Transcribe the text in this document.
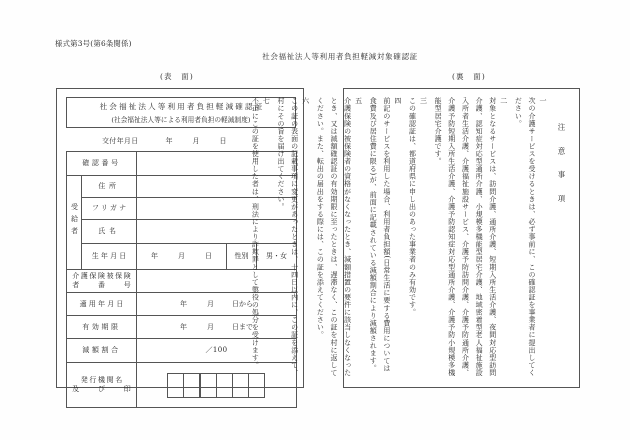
様式第3号(第6条関係)
社会福祉法人等利用者負担軽減対象確認証
(表　面)	(裏　面)
社会福祉法人等利用者負担軽減確認証
(社会福祉法人等による利用者負担の軽減制度)
交付年月日	年	月	日
確認番号				
受給者	住所			
	フリガナ			
	氏名			
	生年月日	年 月 日	性別	男・女

介護保険被保険
者　　番　　号				

適用年月日		年 月 日から		

有効期限		年 月 日まで		

減額割合		／100		

発行機関名
及　　び　　印				

注　意　事　項
一
次の介護サービスを受けるときは、必ず事前に、この確認証を事業者に提出してください。
二
対象となるサービスは、訪問介護、通所介護、短期入所生活介護、夜間対応型訪問介護、認知症対応型通所介護、小規模多機能型居宅介護、地域密着型老人福祉施設入所者生活介護、介護福祉施設サービス、介護予防訪問介護、介護予防通所介護、介護予防短期入所生活介護、介護予防認知症対応型通所介護、介護予防小規模多機能型居宅介護です。
三
この確認証は、都道府県に申し出のあった事業者のみ有効です。
四
前記のサービスを利用した場合、利用者負担額(日常生活に要する費用については食費及び居住費に限る)が、前面に記載されている減額割合により減額されます。
五
介護保険の被保険者の資格がなくなったとき、減額措置の要件に該当しなくなったとき、又は減額確認証の有効期限に至ったときは、遅滞なく、この証を村に返してください。また、転出の届出をする際には、この証を添えてください。
六
この証の表面の記載事項に変更があったときは、十四日以内に、この証を添えて、村にその旨を届け出てください。
七
不正にこの証を使用した者は、刑法により詐欺罪として懲役の処分を受けます。
